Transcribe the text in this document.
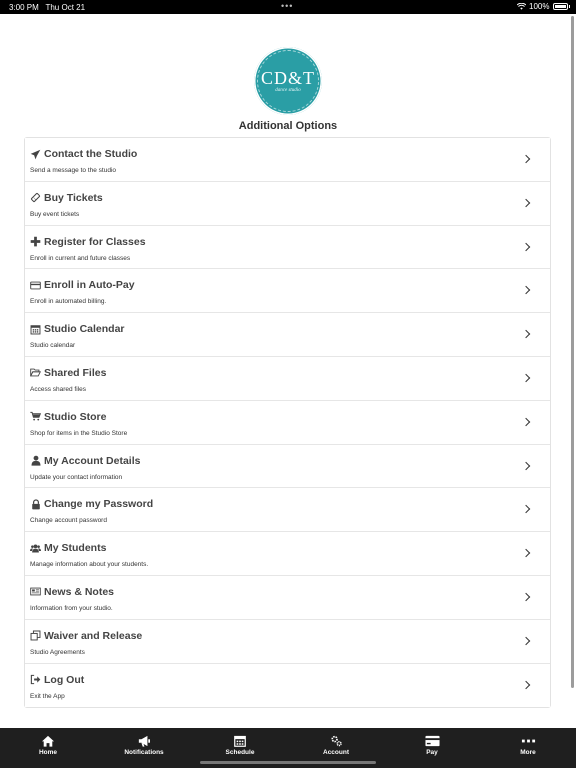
3:00 PM Thu Oct 21	•••	100%
CD&T
dance studio
Additional Options
Contact the Studio
Send a message to the studio
Buy Tickets
Buy event tickets
Register for Classes
Enroll in current and future classes
Enroll in Auto-Pay
Enroll in automated billing.
Studio Calendar
Studio calendar
Shared Files
Access shared files
Studio Store
Shop for items in the Studio Store
My Account Details
Update your contact information
Change my Password
Change account password
My Students
Manage information about your students.
News & Notes
Information from your studio.
Waiver and Release
Studio Agreements
Log Out
Exit the App
Home	Notifications	Schedule	Account	Pay	More
